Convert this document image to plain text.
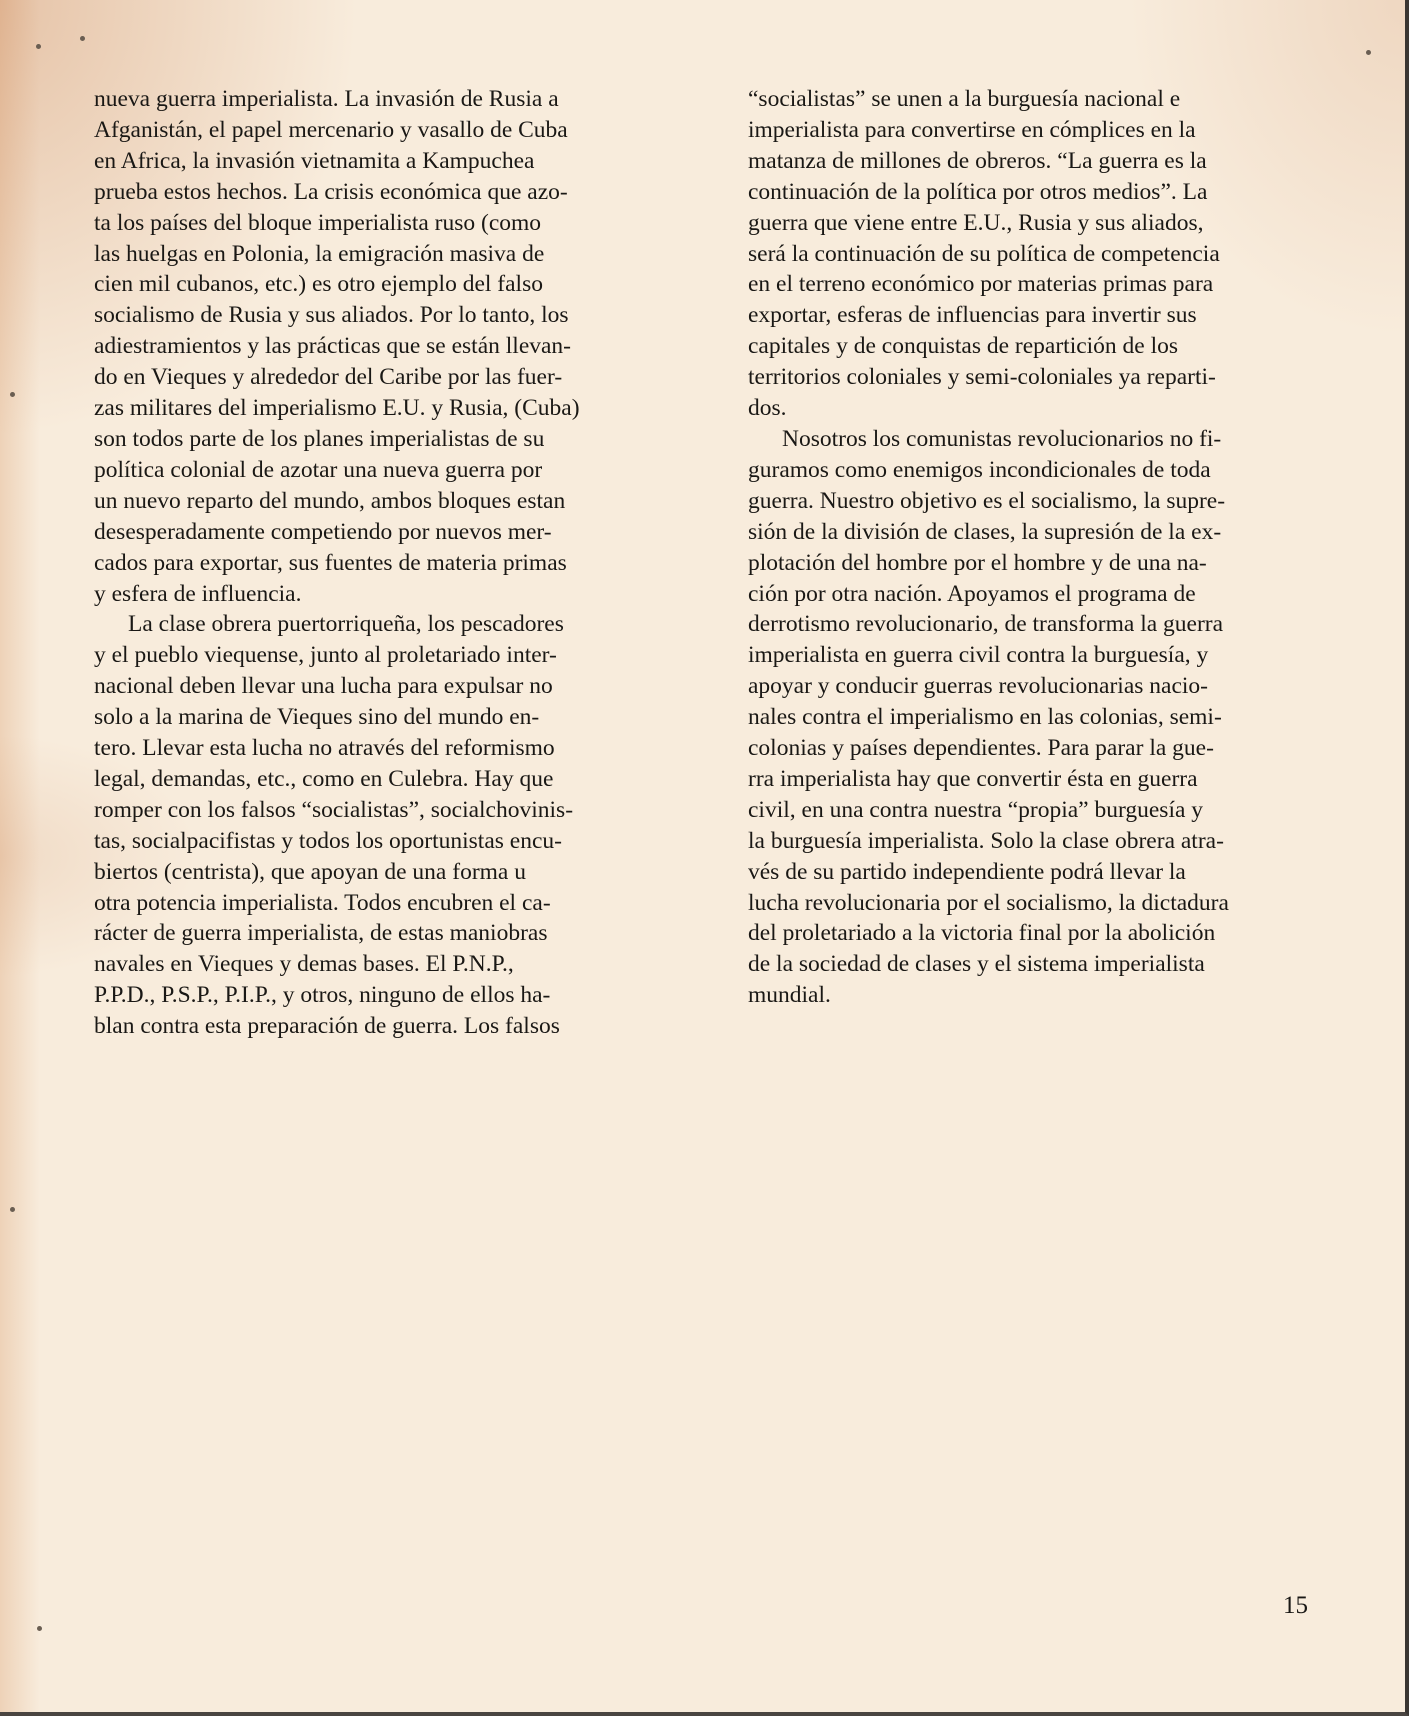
nueva guerra imperialista. La invasión de Rusia a
Afganistán, el papel mercenario y vasallo de Cuba
en Africa, la invasión vietnamita a Kampuchea
prueba estos hechos. La crisis económica que azo-
ta los países del bloque imperialista ruso (como
las huelgas en Polonia, la emigración masiva de
cien mil cubanos, etc.) es otro ejemplo del falso
socialismo de Rusia y sus aliados. Por lo tanto, los
adiestramientos y las prácticas que se están llevan-
do en Vieques y alrededor del Caribe por las fuer-
zas militares del imperialismo E.U. y Rusia, (Cuba)
son todos parte de los planes imperialistas de su
política colonial de azotar una nueva guerra por
un nuevo reparto del mundo, ambos bloques estan
desesperadamente competiendo por nuevos mer-
cados para exportar, sus fuentes de materia primas
y esfera de influencia.
La clase obrera puertorriqueña, los pescadores
y el pueblo viequense, junto al proletariado inter-
nacional deben llevar una lucha para expulsar no
solo a la marina de Vieques sino del mundo en-
tero. Llevar esta lucha no através del reformismo
legal, demandas, etc., como en Culebra. Hay que
romper con los falsos “socialistas”, socialchovinis-
tas, socialpacifistas y todos los oportunistas encu-
biertos (centrista), que apoyan de una forma u
otra potencia imperialista. Todos encubren el ca-
rácter de guerra imperialista, de estas maniobras
navales en Vieques y demas bases. El P.N.P.,
P.P.D., P.S.P., P.I.P., y otros, ninguno de ellos ha-
blan contra esta preparación de guerra. Los falsos
“socialistas” se unen a la burguesía nacional e
imperialista para convertirse en cómplices en la
matanza de millones de obreros. “La guerra es la
continuación de la política por otros medios”. La
guerra que viene entre E.U., Rusia y sus aliados,
será la continuación de su política de competencia
en el terreno económico por materias primas para
exportar, esferas de influencias para invertir sus
capitales y de conquistas de repartición de los
territorios coloniales y semi-coloniales ya reparti-
dos.
Nosotros los comunistas revolucionarios no fi-
guramos como enemigos incondicionales de toda
guerra. Nuestro objetivo es el socialismo, la supre-
sión de la división de clases, la supresión de la ex-
plotación del hombre por el hombre y de una na-
ción por otra nación. Apoyamos el programa de
derrotismo revolucionario, de transforma la guerra
imperialista en guerra civil contra la burguesía, y
apoyar y conducir guerras revolucionarias nacio-
nales contra el imperialismo en las colonias, semi-
colonias y países dependientes. Para parar la gue-
rra imperialista hay que convertir ésta en guerra
civil, en una contra nuestra “propia” burguesía y
la burguesía imperialista. Solo la clase obrera atra-
vés de su partido independiente podrá llevar la
lucha revolucionaria por el socialismo, la dictadura
del proletariado a la victoria final por la abolición
de la sociedad de clases y el sistema imperialista
mundial.
15
